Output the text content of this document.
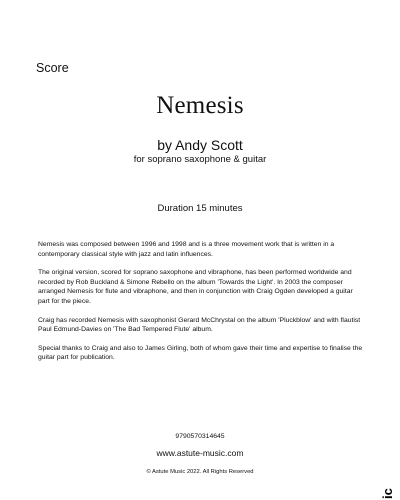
Score
Nemesis
by Andy Scott
for soprano saxophone & guitar
Duration 15 minutes

Nemesis was composed between 1996 and 1998 and is a three movement work that is written in a contemporary classical style with jazz and latin influences.

The original version, scored for soprano saxophone and vibraphone, has been performed worldwide and recorded by Rob Buckland & Simone Rebello on the album 'Towards the Light'. In 2003 the composer arranged Nemesis for flute and vibraphone, and then in conjunction with Craig Ogden developed a guitar part for the piece.

Craig has recorded Nemesis with saxophonist Gerard McChrystal on the album 'Pluckblow' and with flautist Paul Edmund-Davies on 'The Bad Tempered Flute' album.

Special thanks to Craig and also to James Girling, both of whom gave their time and expertise to finalise the guitar part for publication.

9790570314645
www.astute-music.com
© Astute Music 2022. All Rights Reserved
ic
